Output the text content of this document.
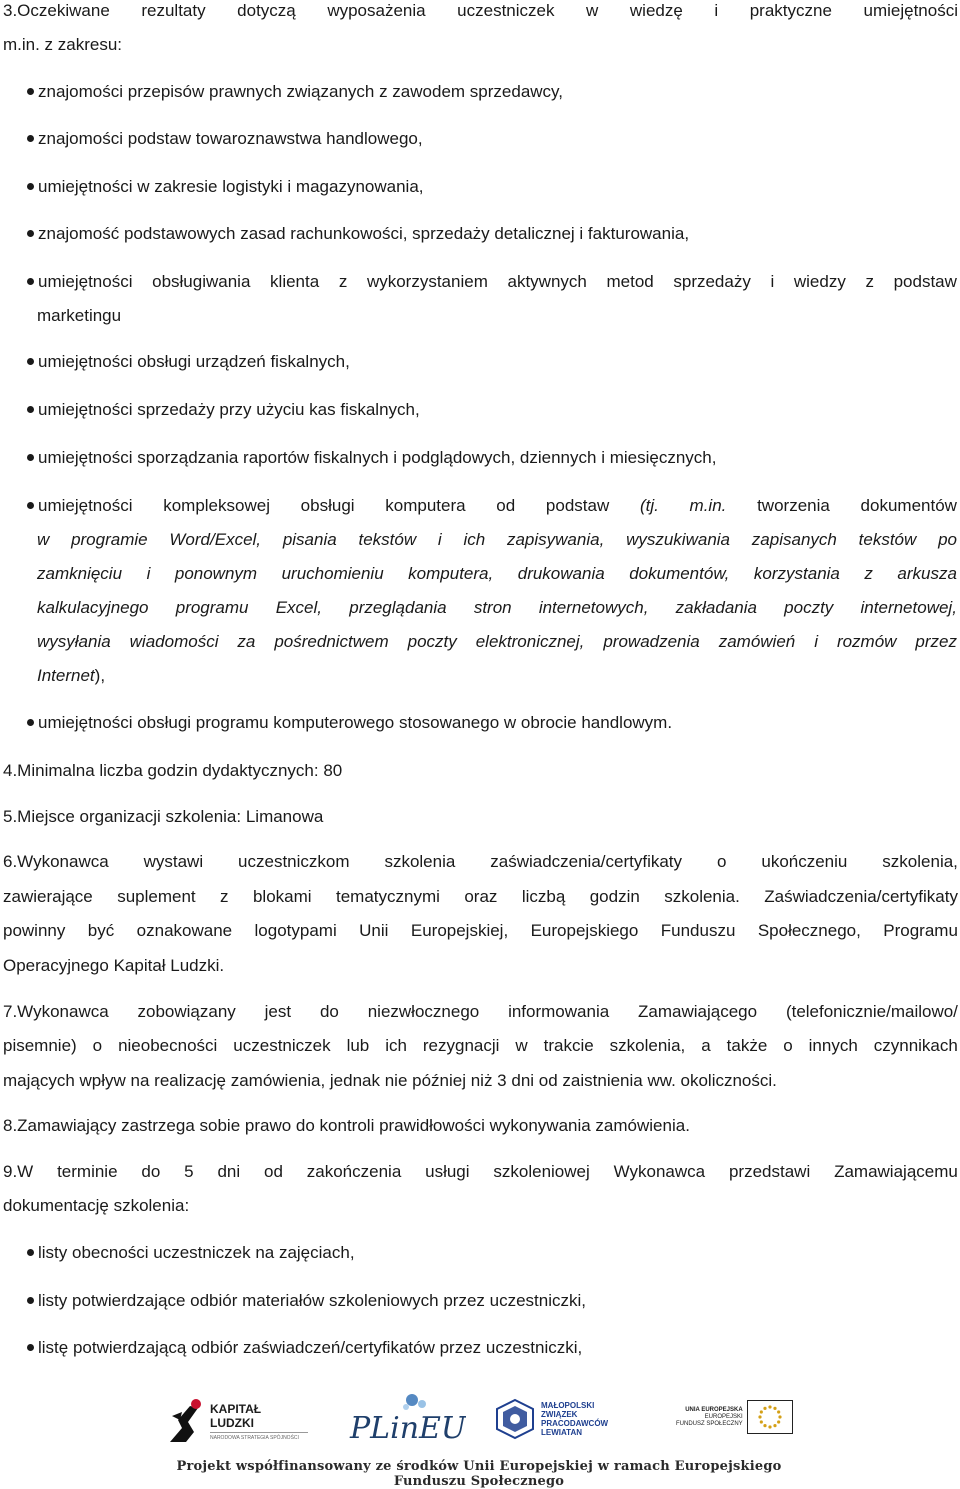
3.Oczekiwane rezultaty dotyczą wyposażenia uczestniczek w wiedzę i praktyczne umiejętności
m.in. z zakresu:
znajomości przepisów prawnych związanych z zawodem sprzedawcy,
znajomości podstaw towaroznawstwa handlowego,
umiejętności w zakresie logistyki i magazynowania,
znajomość podstawowych zasad rachunkowości, sprzedaży detalicznej i fakturowania,
umiejętności obsługiwania klienta z wykorzystaniem aktywnych metod sprzedaży i wiedzy z podstaw
marketingu
umiejętności obsługi urządzeń fiskalnych,
umiejętności sprzedaży przy użyciu kas fiskalnych,
umiejętności sporządzania raportów fiskalnych i podglądowych, dziennych i miesięcznych,
umiejętności kompleksowej obsługi komputera od podstaw (tj. m.in. tworzenia dokumentów
w programie Word/Excel, pisania tekstów i ich zapisywania, wyszukiwania zapisanych tekstów po
zamknięciu i ponownym uruchomieniu komputera, drukowania dokumentów, korzystania z arkusza
kalkulacyjnego programu Excel, przeglądania stron internetowych, zakładania poczty internetowej,
wysyłania wiadomości za pośrednictwem poczty elektronicznej, prowadzenia zamówień i rozmów przez
Internet),
umiejętności obsługi programu komputerowego stosowanego w obrocie handlowym.
4.Minimalna liczba godzin dydaktycznych: 80
5.Miejsce organizacji szkolenia: Limanowa
6.Wykonawca wystawi uczestniczkom szkolenia zaświadczenia/certyfikaty o ukończeniu szkolenia,
zawierające suplement z blokami tematycznymi oraz liczbą godzin szkolenia. Zaświadczenia/certyfikaty
powinny być oznakowane logotypami Unii Europejskiej, Europejskiego Funduszu Społecznego, Programu
Operacyjnego Kapitał Ludzki.
7.Wykonawca zobowiązany jest do niezwłocznego informowania Zamawiającego (telefonicznie/mailowo/
pisemnie) o nieobecności uczestniczek lub ich rezygnacji w trakcie szkolenia, a także o innych czynnikach
mających wpływ na realizację zamówienia, jednak nie później niż 3 dni od zaistnienia ww. okoliczności.
8.Zamawiający zastrzega sobie prawo do kontroli prawidłowości wykonywania zamówienia.
9.W terminie do 5 dni od zakończenia usługi szkoleniowej Wykonawca przedstawi Zamawiającemu
dokumentację szkolenia:
listy obecności uczestniczek na zajęciach,
listy potwierdzające odbiór materiałów szkoleniowych przez uczestniczki,
listę potwierdzającą odbiór zaświadczeń/certyfikatów przez uczestniczki,
KAPITAŁ LUDZKI
NARODOWA STRATEGIA SPÓJNOŚCI	PLinEU
MAŁOPOLSKI
ZWIĄZEK
PRACODAWCÓW
LEWIATAN
UNIA EUROPEJSKA
EUROPEJSKI
FUNDUSZ SPOŁECZNY
Projekt współfinansowany ze środków Unii Europejskiej w ramach Europejskiego Funduszu Społecznego
